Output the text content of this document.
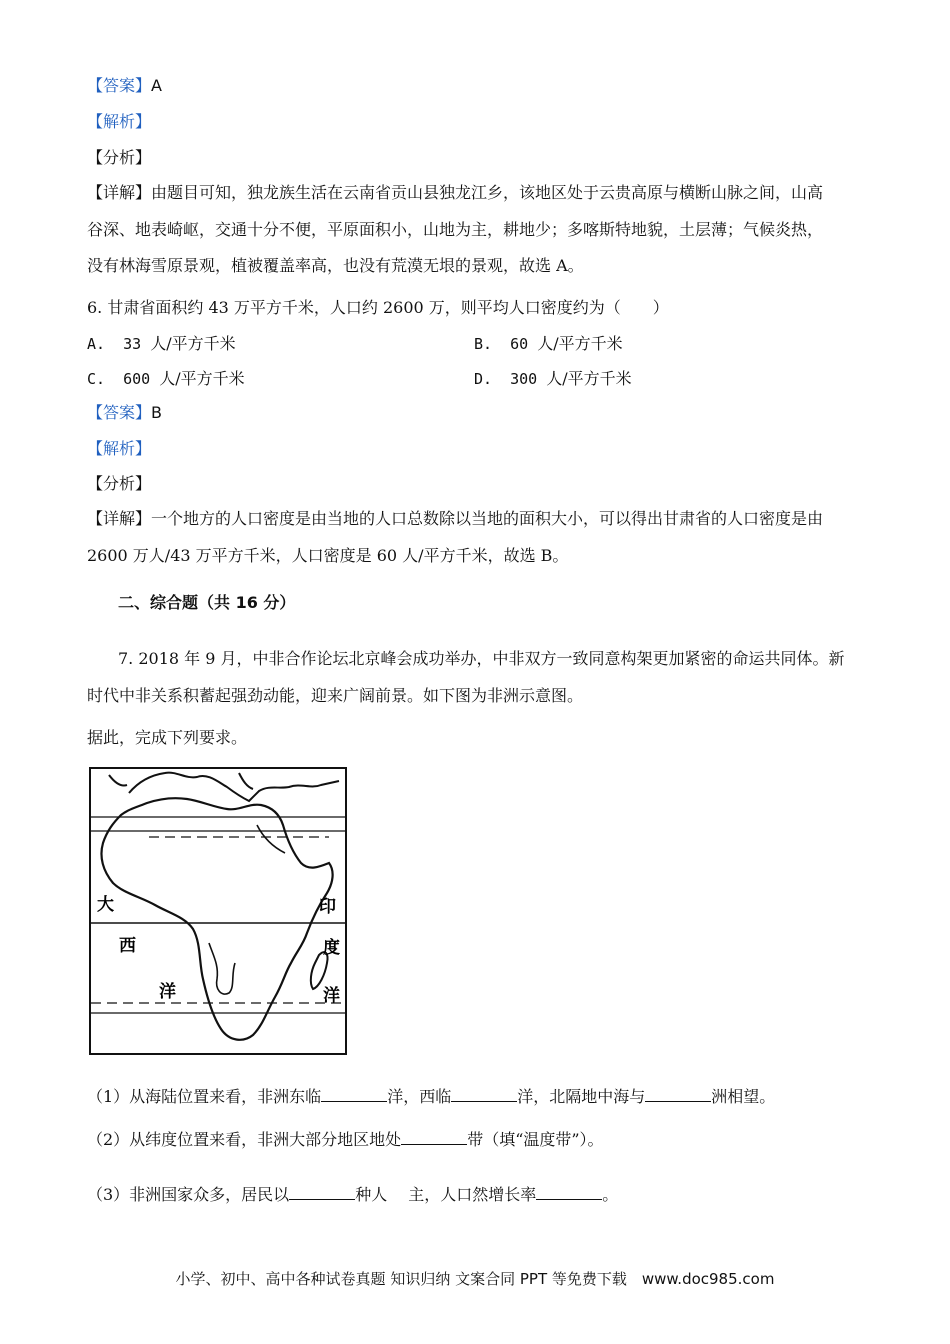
【答案】A
【解析】
【分析】
【详解】由题目可知，独龙族生活在云南省贡山县独龙江乡，该地区处于云贵高原与横断山脉之间，山高
谷深、地表崎岖，交通十分不便，平原面积小，山地为主，耕地少；多喀斯特地貌，土层薄；气候炎热，
没有林海雪原景观，植被覆盖率高，也没有荒漠无垠的景观，故选 A。
6. 甘肃省面积约 43 万平方千米，人口约 2600 万，则平均人口密度约为（　　）
A. 33 人/平方千米	B. 60 人/平方千米
C. 600 人/平方千米	D. 300 人/平方千米
【答案】B
【解析】
【分析】
【详解】一个地方的人口密度是由当地的人口总数除以当地的面积大小，可以得出甘肃省的人口密度是由
2600 万人/43 万平方千米，人口密度是 60 人/平方千米，故选 B。
二、综合题（共 16 分）
7. 2018 年 9 月，中非合作论坛北京峰会成功举办，中非双方一致同意构架更加紧密的命运共同体。新
时代中非关系积蓄起强劲动能，迎来广阔前景。如下图为非洲示意图。
据此，完成下列要求。
大
西
洋
印
度
洋
（1）从海陆位置来看，非洲东临	洋，西临	洋，北隔地中海与	洲相望。
（2）从纬度位置来看，非洲大部分地区地处	带（填“温度带”）。
（3）非洲国家众多，居民以	种人　 主，人口然增长率	。
小学、初中、高中各种试卷真题 知识归纳 文案合同 PPT 等免费下载　www.doc985.com
